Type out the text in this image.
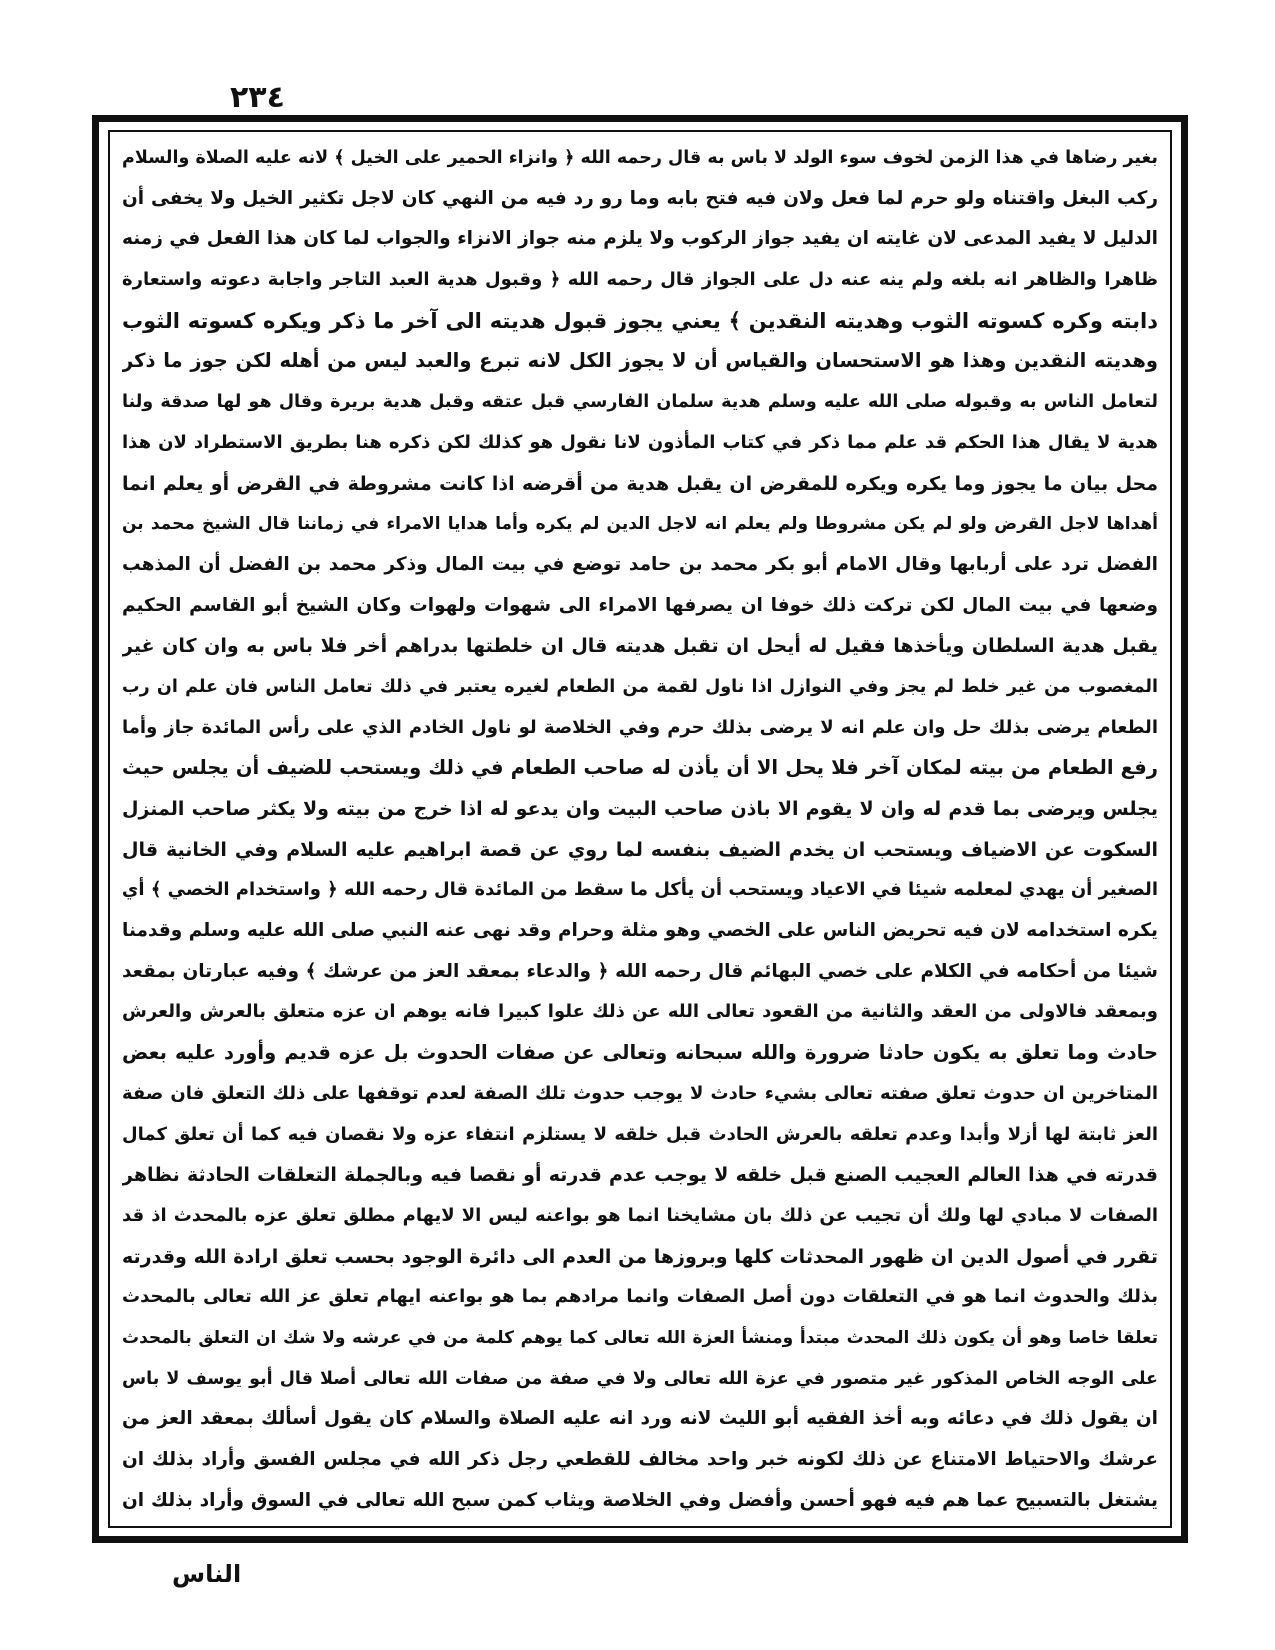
٢٣٤
بغير رضاها في هذا الزمن لخوف سوء الولد لا باس به قال رحمه الله ﴿ وانزاء الحمير على الخيل ﴾ لانه عليه الصلاة والسلام
ركب البغل واقتناه ولو حرم لما فعل ولان فيه فتح بابه وما رو رد فيه من النهي كان لاجل تكثير الخيل ولا يخفى أن
الدليل لا يفيد المدعى لان غايته ان يفيد جواز الركوب ولا يلزم منه جواز الانزاء والجواب لما كان هذا الفعل في زمنه
ظاهرا والظاهر انه بلغه ولم ينه عنه دل على الجواز قال رحمه الله ﴿ وقبول هدية العبد التاجر واجابة دعوته واستعارة
دابته وكره كسوته الثوب وهديته النقدين ﴾ يعني يجوز قبول هديته الى آخر ما ذكر ويكره كسوته الثوب
وهديته النقدين وهذا هو الاستحسان والقياس أن لا يجوز الكل لانه تبرع والعبد ليس من أهله لكن جوز ما ذكر
لتعامل الناس به وقبوله صلى الله عليه وسلم هدية سلمان الفارسي قبل عتقه وقبل هدية بريرة وقال هو لها صدقة ولنا
هدية لا يقال هذا الحكم قد علم مما ذكر في كتاب المأذون لانا نقول هو كذلك لكن ذكره هنا بطريق الاستطراد لان هذا
محل بيان ما يجوز وما يكره ويكره للمقرض ان يقبل هدية من أقرضه اذا كانت مشروطة في القرض أو يعلم انما
أهداها لاجل القرض ولو لم يكن مشروطا ولم يعلم انه لاجل الدين لم يكره وأما هدايا الامراء في زماننا قال الشيخ محمد بن
الفضل ترد على أربابها وقال الامام أبو بكر محمد بن حامد توضع في بيت المال وذكر محمد بن الفضل أن المذهب
وضعها في بيت المال لكن تركت ذلك خوفا ان يصرفها الامراء الى شهوات ولهوات وكان الشيخ أبو القاسم الحكيم
يقبل هدية السلطان ويأخذها فقيل له أيحل ان تقبل هديته قال ان خلطتها بدراهم أخر فلا باس به وان كان غير
المغصوب من غير خلط لم يجز وفي النوازل اذا ناول لقمة من الطعام لغيره يعتبر في ذلك تعامل الناس فان علم ان رب
الطعام يرضى بذلك حل وان علم انه لا يرضى بذلك حرم وفي الخلاصة لو ناول الخادم الذي على رأس المائدة جاز وأما
رفع الطعام من بيته لمكان آخر فلا يحل الا أن يأذن له صاحب الطعام في ذلك ويستحب للضيف أن يجلس حيث
يجلس ويرضى بما قدم له وان لا يقوم الا باذن صاحب البيت وان يدعو له اذا خرج من بيته ولا يكثر صاحب المنزل
السكوت عن الاضياف ويستحب ان يخدم الضيف بنفسه لما روي عن قصة ابراهيم عليه السلام وفي الخانية قال
الصغير أن يهدي لمعلمه شيئا في الاعياد ويستحب أن يأكل ما سقط من المائدة قال رحمه الله ﴿ واستخدام الخصي ﴾ أي
يكره استخدامه لان فيه تحريض الناس على الخصي وهو مثلة وحرام وقد نهى عنه النبي صلى الله عليه وسلم وقدمنا
شيئا من أحكامه في الكلام على خصي البهائم قال رحمه الله ﴿ والدعاء بمعقد العز من عرشك ﴾ وفيه عبارتان بمقعد
وبمعقد فالاولى من العقد والثانية من القعود تعالى الله عن ذلك علوا كبيرا فانه يوهم ان عزه متعلق بالعرش والعرش
حادث وما تعلق به يكون حادثا ضرورة والله سبحانه وتعالى عن صفات الحدوث بل عزه قديم وأورد عليه بعض
المتاخرين ان حدوث تعلق صفته تعالى بشيء حادث لا يوجب حدوث تلك الصفة لعدم توقفها على ذلك التعلق فان صفة
العز ثابتة لها أزلا وأبدا وعدم تعلقه بالعرش الحادث قبل خلقه لا يستلزم انتفاء عزه ولا نقصان فيه كما أن تعلق كمال
قدرته في هذا العالم العجيب الصنع قبل خلقه لا يوجب عدم قدرته أو نقصا فيه وبالجملة التعلقات الحادثة نظاهر
الصفات لا مبادي لها ولك أن تجيب عن ذلك بان مشايخنا انما هو بواعنه ليس الا لايهام مطلق تعلق عزه بالمحدث اذ قد
تقرر في أصول الدين ان ظهور المحدثات كلها وبروزها من العدم الى دائرة الوجود بحسب تعلق ارادة الله وقدرته
بذلك والحدوث انما هو في التعلقات دون أصل الصفات وانما مرادهم بما هو بواعنه ايهام تعلق عز الله تعالى بالمحدث
تعلقا خاصا وهو أن يكون ذلك المحدث مبتدأ ومنشأ العزة الله تعالى كما يوهم كلمة من في عرشه ولا شك ان التعلق بالمحدث
على الوجه الخاص المذكور غير متصور في عزة الله تعالى ولا في صفة من صفات الله تعالى أصلا قال أبو يوسف لا باس
ان يقول ذلك في دعائه وبه أخذ الفقيه أبو الليث لانه ورد انه عليه الصلاة والسلام كان يقول أسألك بمعقد العز من
عرشك والاحتياط الامتناع عن ذلك لكونه خبر واحد مخالف للقطعي رجل ذكر الله في مجلس الفسق وأراد بذلك ان
يشتغل بالتسبيح عما هم فيه فهو أحسن وأفضل وفي الخلاصة ويثاب كمن سبح الله تعالى في السوق وأراد بذلك ان
الناس
